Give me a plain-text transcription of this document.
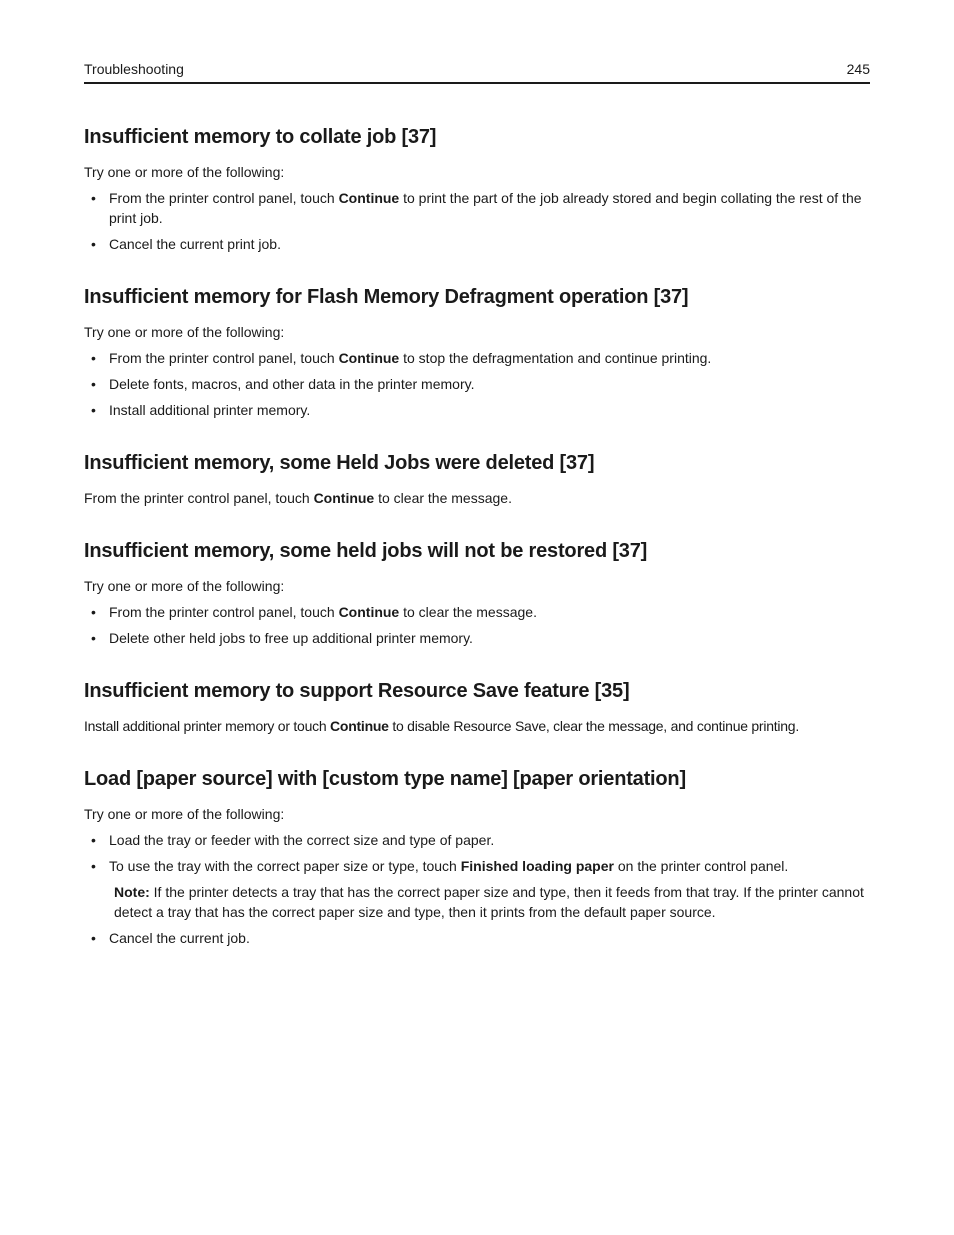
Troubleshooting	245
Insufficient memory to collate job [37]

Try one or more of the following:

• From the printer control panel, touch Continue to print the part of the job already stored and begin collating the rest of the print job.
• Cancel the current print job.
Insufficient memory for Flash Memory Defragment operation [37]

Try one or more of the following:

• From the printer control panel, touch Continue to stop the defragmentation and continue printing.
• Delete fonts, macros, and other data in the printer memory.
• Install additional printer memory.
Insufficient memory, some Held Jobs were deleted [37]

From the printer control panel, touch Continue to clear the message.

Insufficient memory, some held jobs will not be restored [37]

Try one or more of the following:

• From the printer control panel, touch Continue to clear the message.
• Delete other held jobs to free up additional printer memory.
Insufficient memory to support Resource Save feature [35]

Install additional printer memory or touch Continue to disable Resource Save, clear the message, and continue printing.

Load [paper source] with [custom type name] [paper orientation]

Try one or more of the following:

• Load the tray or feeder with the correct size and type of paper.
• To use the tray with the correct paper size or type, touch Finished loading paper on the printer control panel.
Note: If the printer detects a tray that has the correct paper size and type, then it feeds from that tray. If the printer cannot detect a tray that has the correct paper size and type, then it prints from the default paper source.
• Cancel the current job.
